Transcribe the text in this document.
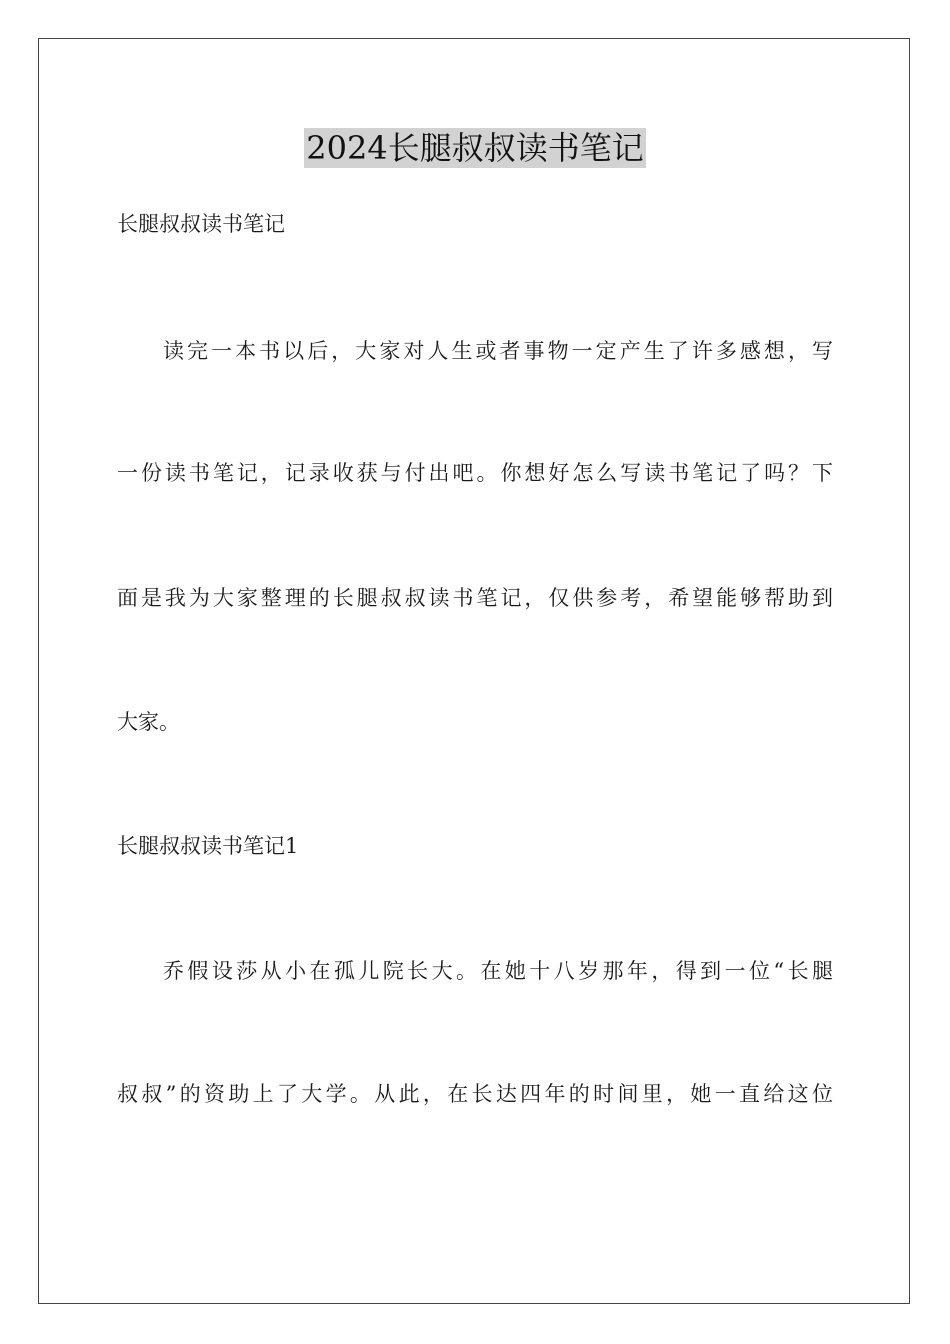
2024长腿叔叔读书笔记
长腿叔叔读书笔记
读完一本书以后，大家对人生或者事物一定产生了许多感想，写
一份读书笔记，记录收获与付出吧。你想好怎么写读书笔记了吗？下
面是我为大家整理的长腿叔叔读书笔记，仅供参考，希望能够帮助到
大家。
长腿叔叔读书笔记1
乔假设莎从小在孤儿院长大。在她十八岁那年，得到一位“长腿
叔叔”的资助上了大学。从此，在长达四年的时间里，她一直给这位
